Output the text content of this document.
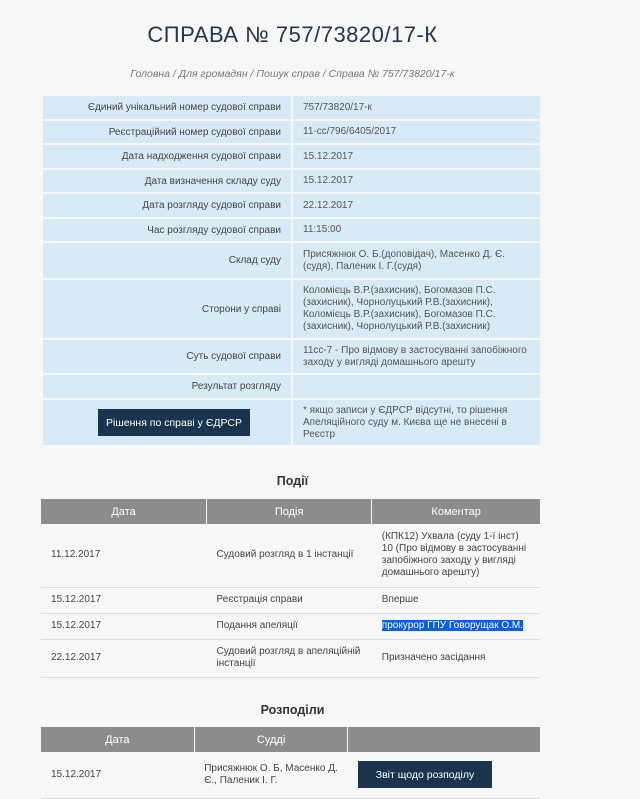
СПРАВА № 757/73820/17-К
Головна / Для громадян / Пошук справ / Справа № 757/73820/17-к
Єдиний унікальний номер судової справи	757/73820/17-к
Реєстраційний номер судової справи	11-сс/796/6405/2017
Дата надходження судової справи	15.12.2017
Дата визначення складу суду	15.12.2017
Дата розгляду судової справи	22.12.2017
Час розгляду судової справи	11:15:00
Склад суду	Присяжнюк О. Б.(доповідач), Масенко Д. Є. (судя), Паленик І. Г.(судя)
Сторони у справі	Коломієць В.Р.(захисник), Богомазов П.С. (захисник), Чорнолуцький Р.В.(захисник), Коломієць В.Р.(захисник), Богомазов П.С. (захисник), Чорнолуцький Р.В.(захисник)
Суть судової справи	11сс-7 - Про відмову в застосуванні запобіжного заходу у вигляді домашнього арешту
Результат розгляду	
Рішення по справі у ЄДРСР	* якщо записи у ЄДРСР відсутні, то рішення Апеляційного суду м. Києва ще не внесені в Реєстр
Події
Дата	Подія	Коментар
11.12.2017	Судовий розгляд в 1 інстанції	(КПК12) Ухвала (суду 1-ї інст) 10 (Про відмову в застосуванні запобіжного заходу у вигляді домашнього арешту)
15.12.2017	Реєстрація справи	Вперше
15.12.2017	Подання апеляції	прокурор ГПУ Говорущак О.М.
22.12.2017	Судовий розгляд в апеляційній інстанції	Призначено засідання
Розподіли
Дата	Судді	
15.12.2017	Присяжнюк О. Б, Масенко Д. Є., Паленик І. Г.	Звіт щодо розподілу
